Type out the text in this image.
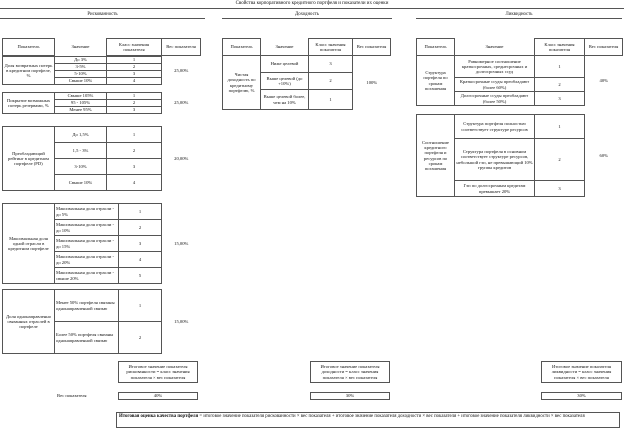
Свойства корпоративного кредитного портфеля и показатели их оценки
Рискованность	Доходность	Ликвидность
Показатель	Значение	Класс значения показателя	Вес показателя
Доля возвратных потерь в кредитном портфеле, %	До 3%	1	25,00%
	3-5%	2	
	5-10%	3	
	Свыше 10%	4	
Покрытие возможных потерь резервами, %	Свыше 105%	1	25,00%
	95 - 105%	2	
	Менее 95%	3	
Преобладающий рейтинг в кредитном портфеле (PD)	До 1,5%	1	20,00%
	1,5 - 3%	2	
	3-10%	3	
	Свыше 10%	4	
Максимальная доля одной отрасли в кредитном портфеле	Максимальная доля отрасли - до 5%	1	15,00%
	Максимальная доля отрасли - до 10%	2	
	Максимальная доля отрасли - до 15%	3	
	Максимальная доля отрасли - до 20%	4	
	Максимальная доля отрасли - свыше 20%	5	
Доля однонаправленно связанных отраслей в портфеле	Менее 50% портфеля связаны однонаправленной связью	1	15,00%
	Более 50% портфеля связаны однонаправленной связью	2	
Показатель	Значение	Класс значения показателя	Вес показателя
Чистая доходность по кредитному портфелю, %	Ниже целевой	3	100%
	Выше целевой (до +10%)	2	
	Выше целевой более, чем на 10%	1	
Показатель	Значение	Класс значения показателя	Вес показателя
Структура портфеля по срокам погашения	Равномерное соотношение краткосрочных, среднесрочных и долгосрочных ссуд	1	40%
	Краткосрочные ссуды преобладают (более 60%)	2	
	Долгосрочные ссуды преобладают (более 50%)	3	
Соотношение кредитного портфеля и ресурсов по срокам погашения	Структура портфеля полностью соответствует структуре ресурсов	1	60%
	Структура портфеля в основном соответствует структуре ресурсов, небольшой гэп, не превышающий 10% группы кредитов	2	
	Гэп по долгосрочным кредитам превышает 20%	3	
Итоговое значение показателя рискованности = класс значения показателя × вес показателя
Итоговое значение показателя доходности = класс значения показателя × вес показателя
Итоговое значение показателя ликвидности = класс значения показателя × вес показателя
Вес показателя	40%	30%	30%
Итоговая оценка качества портфеля = итоговое значение показателя рискованности × вес показателя + итоговое значение показателя доходности × вес показателя + итоговое значение показателя ликвидности × вес показателя
